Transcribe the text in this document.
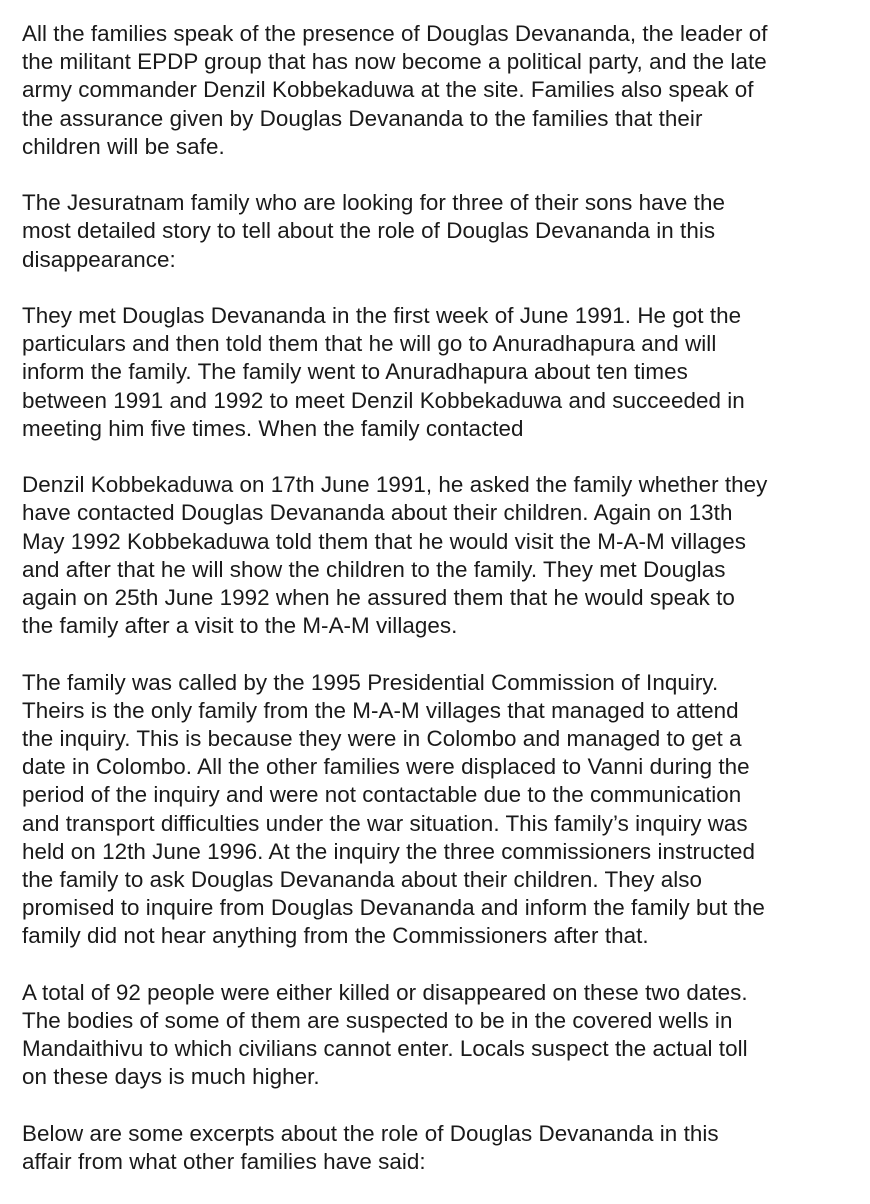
All the families speak of the presence of Douglas Devananda, the leader of
the militant EPDP group that has now become a political party, and the late
army commander Denzil Kobbekaduwa at the site. Families also speak of
the assurance given by Douglas Devananda to the families that their
children will be safe.

The Jesuratnam family who are looking for three of their sons have the
most detailed story to tell about the role of Douglas Devananda in this
disappearance:

They met Douglas Devananda in the first week of June 1991. He got the
particulars and then told them that he will go to Anuradhapura and will
inform the family. The family went to Anuradhapura about ten times
between 1991 and 1992 to meet Denzil Kobbekaduwa and succeeded in
meeting him five times. When the family contacted

Denzil Kobbekaduwa on 17th June 1991, he asked the family whether they
have contacted Douglas Devananda about their children. Again on 13th
May 1992 Kobbekaduwa told them that he would visit the M-A-M villages
and after that he will show the children to the family. They met Douglas
again on 25th June 1992 when he assured them that he would speak to
the family after a visit to the M-A-M villages.

The family was called by the 1995 Presidential Commission of Inquiry.
Theirs is the only family from the M-A-M villages that managed to attend
the inquiry. This is because they were in Colombo and managed to get a
date in Colombo. All the other families were displaced to Vanni during the
period of the inquiry and were not contactable due to the communication
and transport difficulties under the war situation. This family’s inquiry was
held on 12th June 1996. At the inquiry the three commissioners instructed
the family to ask Douglas Devananda about their children. They also
promised to inquire from Douglas Devananda and inform the family but the
family did not hear anything from the Commissioners after that.

A total of 92 people were either killed or disappeared on these two dates.
The bodies of some of them are suspected to be in the covered wells in
Mandaithivu to which civilians cannot enter. Locals suspect the actual toll
on these days is much higher.

Below are some excerpts about the role of Douglas Devananda in this
affair from what other families have said:
